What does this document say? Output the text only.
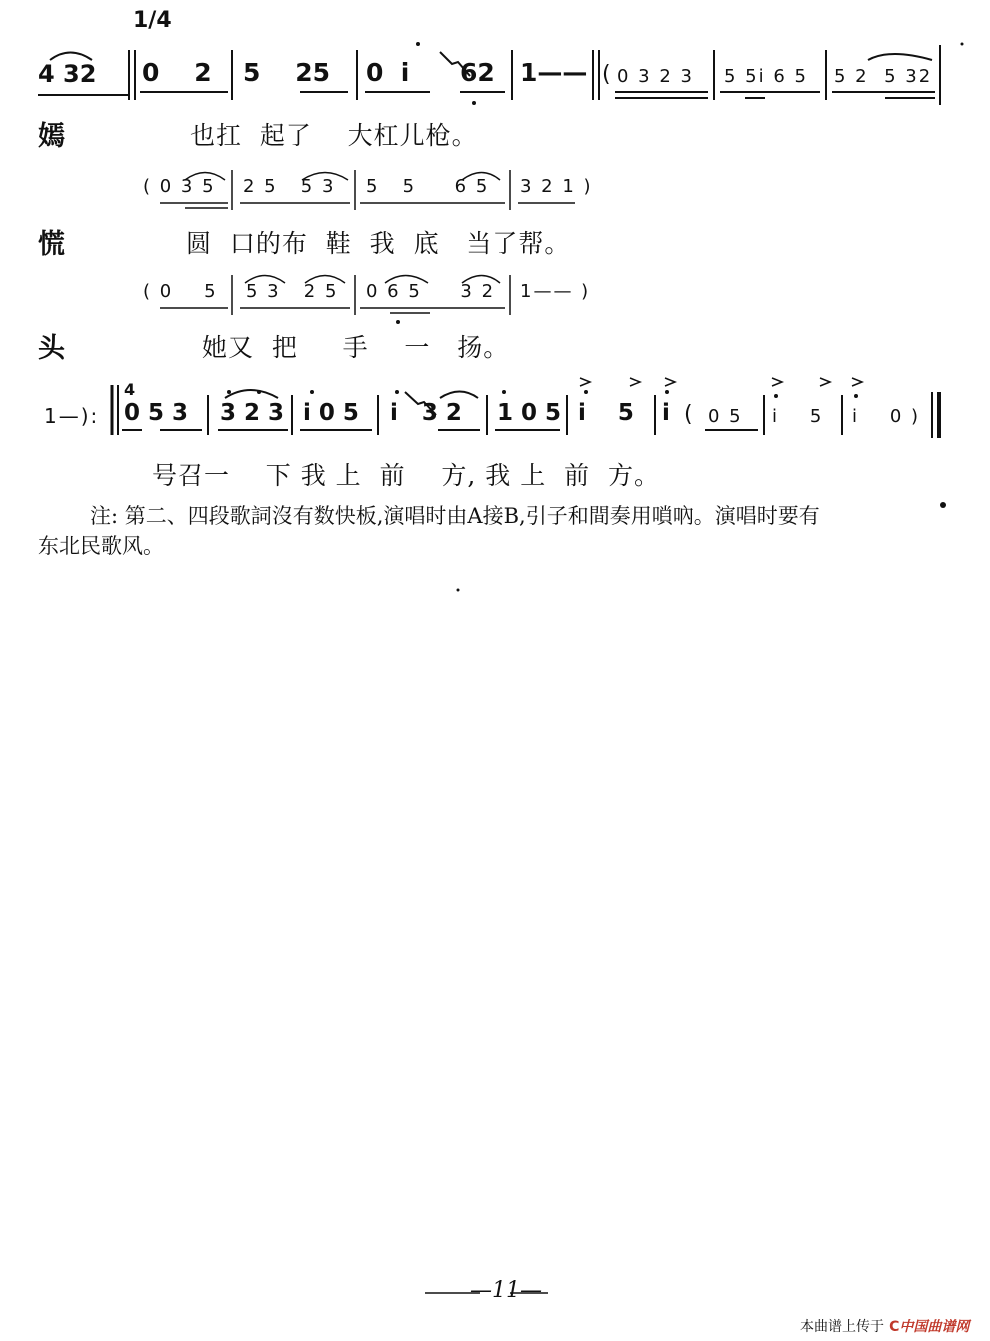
1/4
4 32 0    2 5    25 0  i 62 1—— ( 0 3 2 3 5 5i 6 5 5 2  5 32
嫣	也扛  起了    大杠儿枪。
( 0 3 5 2 5   5 3 5   5     6 5 3 2 1 )
慌	圆  口的布  鞋  我  底   当了帮。
( 0    5 5 3   2 5 0 6 5     3 2 1—— )
头	她又  把     手    一   扬。
1—):
4
0 5 3 3 2 3 i 0 5 i   3 2 1 0 5 i    5 i ( 0 5 i    5 i    0 )
号召一    下 我 上  前    方, 我 上  前  方。
注: 第二、四段歌詞沒有数快板,演唱时由A接B,引子和間奏用嗩吶。演唱时要有
东北民歌风。
—11—
本曲谱上传于 C中国曲谱网
